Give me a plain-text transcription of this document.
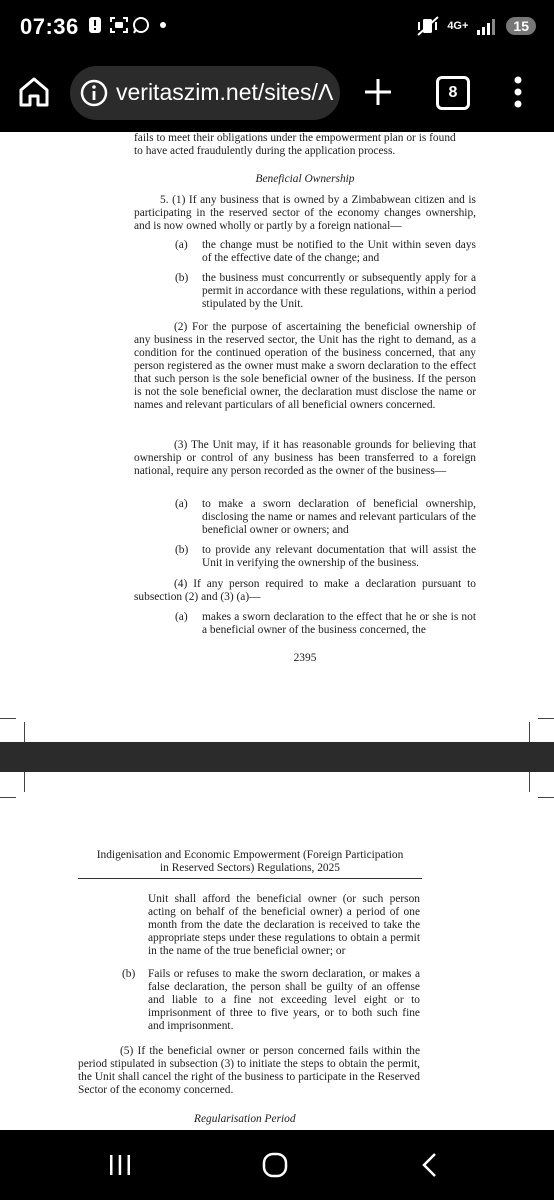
07:36	4G+	15
veritaszim.net/sites/Λ	8
fails to meet their obligations under the empowerment plan or is found
to have acted fraudulently during the application process.
Beneficial Ownership
5. (1) If any business that is owned by a Zimbabwean citizen and is participating in the reserved sector of the economy changes ownership, and is now owned wholly or partly by a foreign national—
(a) the change must be notified to the Unit within seven days of the effective date of the change; and
(b) the business must concurrently or subsequently apply for a permit in accordance with these regulations, within a period stipulated by the Unit.
(2) For the purpose of ascertaining the beneficial ownership of any business in the reserved sector, the Unit has the right to demand, as a condition for the continued operation of the business concerned, that any person registered as the owner must make a sworn declaration to the effect that such person is the sole beneficial owner of the business. If the person is not the sole beneficial owner, the declaration must disclose the name or names and relevant particulars of all beneficial owners concerned.
(3) The Unit may, if it has reasonable grounds for believing that ownership or control of any business has been transferred to a foreign national, require any person recorded as the owner of the business—
(a) to make a sworn declaration of beneficial ownership, disclosing the name or names and relevant particulars of the beneficial owner or owners; and
(b) to provide any relevant documentation that will assist the Unit in verifying the ownership of the business.
(4) If any person required to make a declaration pursuant to subsection (2) and (3) (a)—
(a) makes a sworn declaration to the effect that he or she is not a beneficial owner of the business concerned, the
2395
Indigenisation and Economic Empowerment (Foreign Participation
in Reserved Sectors) Regulations, 2025
Unit shall afford the beneficial owner (or such person acting on behalf of the beneficial owner) a period of one month from the date the declaration is received to take the appropriate steps under these regulations to obtain a permit in the name of the true beneficial owner; or
(b) Fails or refuses to make the sworn declaration, or makes a false declaration, the person shall be guilty of an offense and liable to a fine not exceeding level eight or to imprisonment of three to five years, or to both such fine and imprisonment.
(5) If the beneficial owner or person concerned fails within the period stipulated in subsection (3) to initiate the steps to obtain the permit, the Unit shall cancel the right of the business to participate in the Reserved Sector of the economy concerned.
Regularisation Period
